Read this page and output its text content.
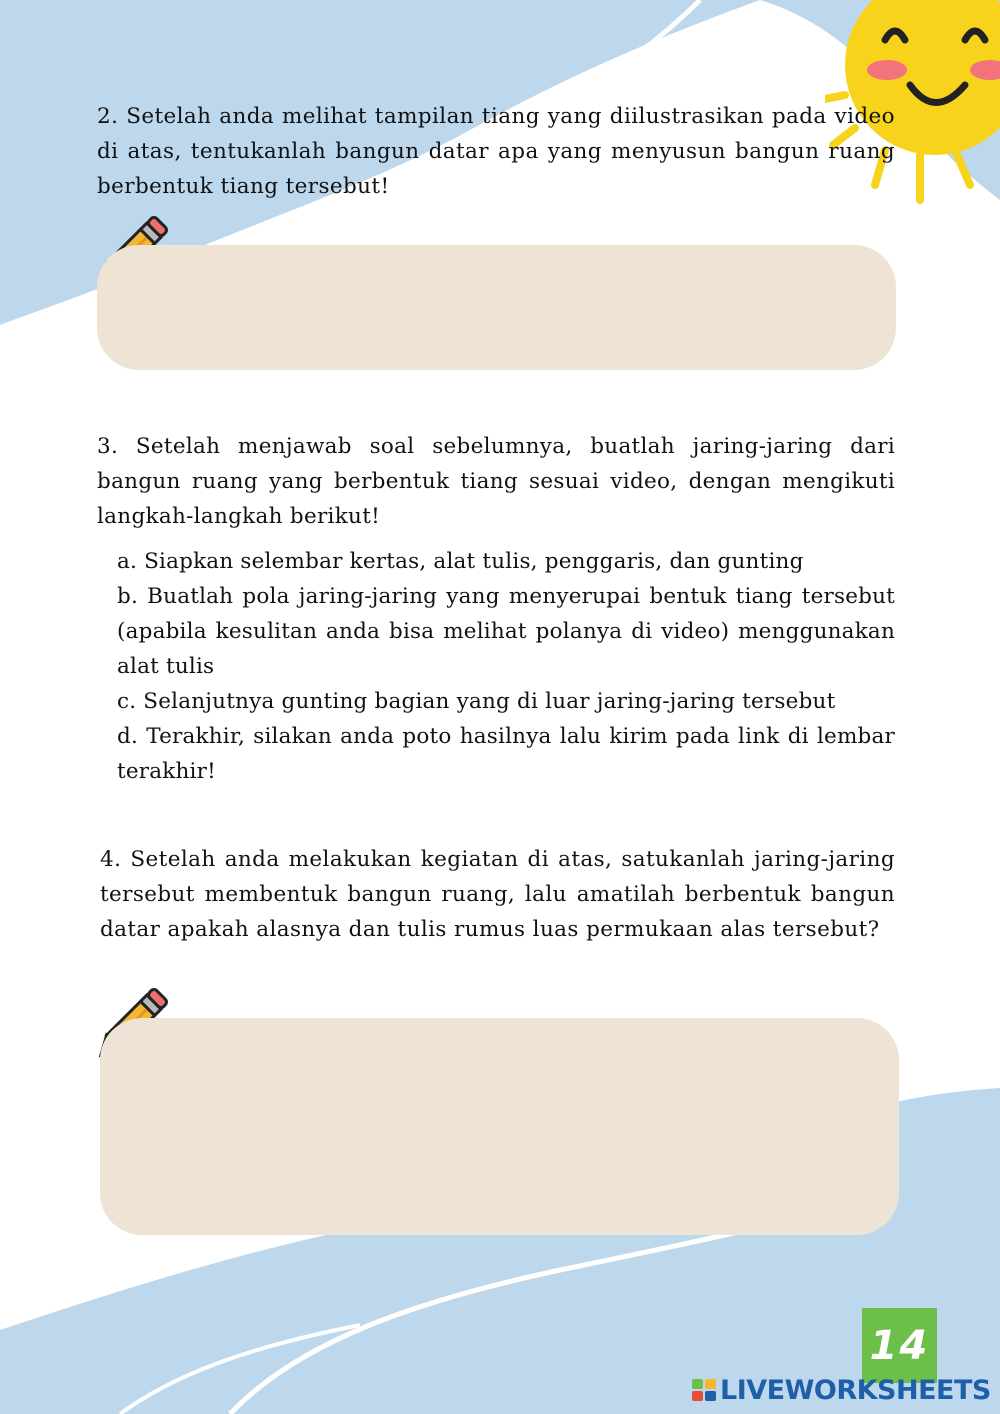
2. Setelah anda melihat tampilan tiang yang diilustrasikan pada video di atas, tentukanlah bangun datar apa yang menyusun bangun ruang berbentuk tiang tersebut!

3. Setelah menjawab soal sebelumnya, buatlah jaring-jaring dari bangun ruang yang berbentuk tiang sesuai video, dengan mengikuti langkah-langkah berikut!

a. Siapkan selembar kertas, alat tulis, penggaris, dan gunting
b. Buatlah pola jaring-jaring yang menyerupai bentuk tiang tersebut (apabila kesulitan anda bisa melihat polanya di video) menggunakan alat tulis
c. Selanjutnya gunting bagian yang di luar jaring-jaring tersebut
d. Terakhir, silakan anda poto hasilnya lalu kirim pada link di lembar terakhir!

4. Setelah anda melakukan kegiatan di atas, satukanlah jaring-jaring tersebut membentuk bangun ruang, lalu amatilah berbentuk bangun datar apakah alasnya dan tulis rumus luas permukaan alas tersebut?

14
LIVEWORKSHEETS
